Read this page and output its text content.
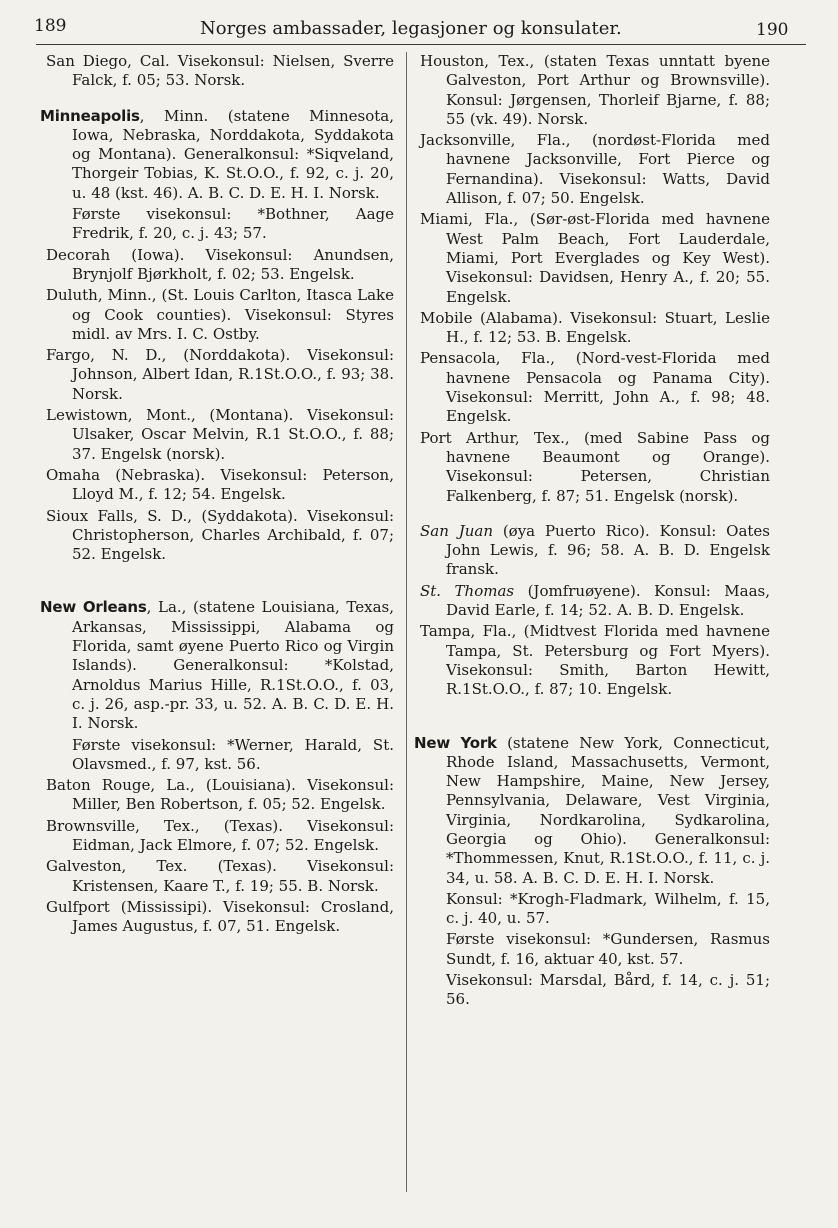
189	Norges ambassader, legasjoner og konsulater.	190

San Diego, Cal. Visekonsul: Nielsen, Sverre Falck, f. 05; 53. Norsk.

Minneapolis, Minn. (statene Minnesota, Iowa, Nebraska, Norddakota, Syddakota og Montana). Generalkonsul: *Siqveland, Thorgeir Tobias, K. St.O.O., f. 92, c. j. 20, u. 48 (kst. 46). A. B. C. D. E. H. I. Norsk.

Første visekonsul: *Bothner, Aage Fredrik, f. 20, c. j. 43; 57.

Decorah (Iowa). Visekonsul: Anundsen, Brynjolf Bjørkholt, f. 02; 53. Engelsk.

Duluth, Minn., (St. Louis Carlton, Itasca Lake og Cook counties). Visekonsul: Styres midl. av Mrs. I. C. Ostby.

Fargo, N. D., (Norddakota). Visekonsul: Johnson, Albert Idan, R.1St.O.O., f. 93; 38. Norsk.

Lewistown, Mont., (Montana). Visekonsul: Ulsaker, Oscar Melvin, R.1 St.O.O., f. 88; 37. Engelsk (norsk).

Omaha (Nebraska). Visekonsul: Peterson, Lloyd M., f. 12; 54. Engelsk.

Sioux Falls, S. D., (Syddakota). Visekonsul: Christopherson, Charles Archibald, f. 07; 52. Engelsk.

New Orleans, La., (statene Louisiana, Texas, Arkansas, Mississippi, Alabama og Florida, samt øyene Puerto Rico og Virgin Islands). Generalkonsul: *Kolstad, Arnoldus Marius Hille, R.1St.O.O., f. 03, c. j. 26, asp.-pr. 33, u. 52. A. B. C. D. E. H. I. Norsk.

Første visekonsul: *Werner, Harald, St. Olavsmed., f. 97, kst. 56.

Baton Rouge, La., (Louisiana). Visekonsul: Miller, Ben Robertson, f. 05; 52. Engelsk.

Brownsville, Tex., (Texas). Visekonsul: Eidman, Jack Elmore, f. 07; 52. Engelsk.

Galveston, Tex. (Texas). Visekonsul: Kristensen, Kaare T., f. 19; 55. B. Norsk.

Gulfport (Mississipi). Visekonsul: Crosland, James Augustus, f. 07, 51. Engelsk.

Houston, Tex., (staten Texas unntatt byene Galveston, Port Arthur og Brownsville). Konsul: Jørgensen, Thorleif Bjarne, f. 88; 55 (vk. 49). Norsk.

Jacksonville, Fla., (nordøst-Florida med havnene Jacksonville, Fort Pierce og Fernandina). Visekonsul: Watts, David Allison, f. 07; 50. Engelsk.

Miami, Fla., (Sør-øst-Florida med havnene West Palm Beach, Fort Lauderdale, Miami, Port Everglades og Key West). Visekonsul: Davidsen, Henry A., f. 20; 55. Engelsk.

Mobile (Alabama). Visekonsul: Stuart, Leslie H., f. 12; 53. B. Engelsk.

Pensacola, Fla., (Nord-vest-Florida med havnene Pensacola og Panama City). Visekonsul: Merritt, John A., f. 98; 48. Engelsk.

Port Arthur, Tex., (med Sabine Pass og havnene Beaumont og Orange). Visekonsul: Petersen, Christian Falkenberg, f. 87; 51. Engelsk (norsk).

San Juan (øya Puerto Rico). Konsul: Oates John Lewis, f. 96; 58. A. B. D. Engelsk fransk.

St. Thomas (Jomfruøyene). Konsul: Maas, David Earle, f. 14; 52. A. B. D. Engelsk.

Tampa, Fla., (Midtvest Florida med havnene Tampa, St. Petersburg og Fort Myers). Visekonsul: Smith, Barton Hewitt, R.1St.O.O., f. 87; 10. Engelsk.

New York (statene New York, Connecticut, Rhode Island, Massachusetts, Vermont, New Hampshire, Maine, New Jersey, Pennsylvania, Delaware, Vest Virginia, Virginia, Nordkarolina, Sydkarolina, Georgia og Ohio). Generalkonsul: *Thommessen, Knut, R.1St.O.O., f. 11, c. j. 34, u. 58. A. B. C. D. E. H. I. Norsk.

Konsul: *Krogh-Fladmark, Wilhelm, f. 15, c. j. 40, u. 57.

Første visekonsul: *Gundersen, Rasmus Sundt, f. 16, aktuar 40, kst. 57.

Visekonsul: Marsdal, Bård, f. 14, c. j. 51; 56.
